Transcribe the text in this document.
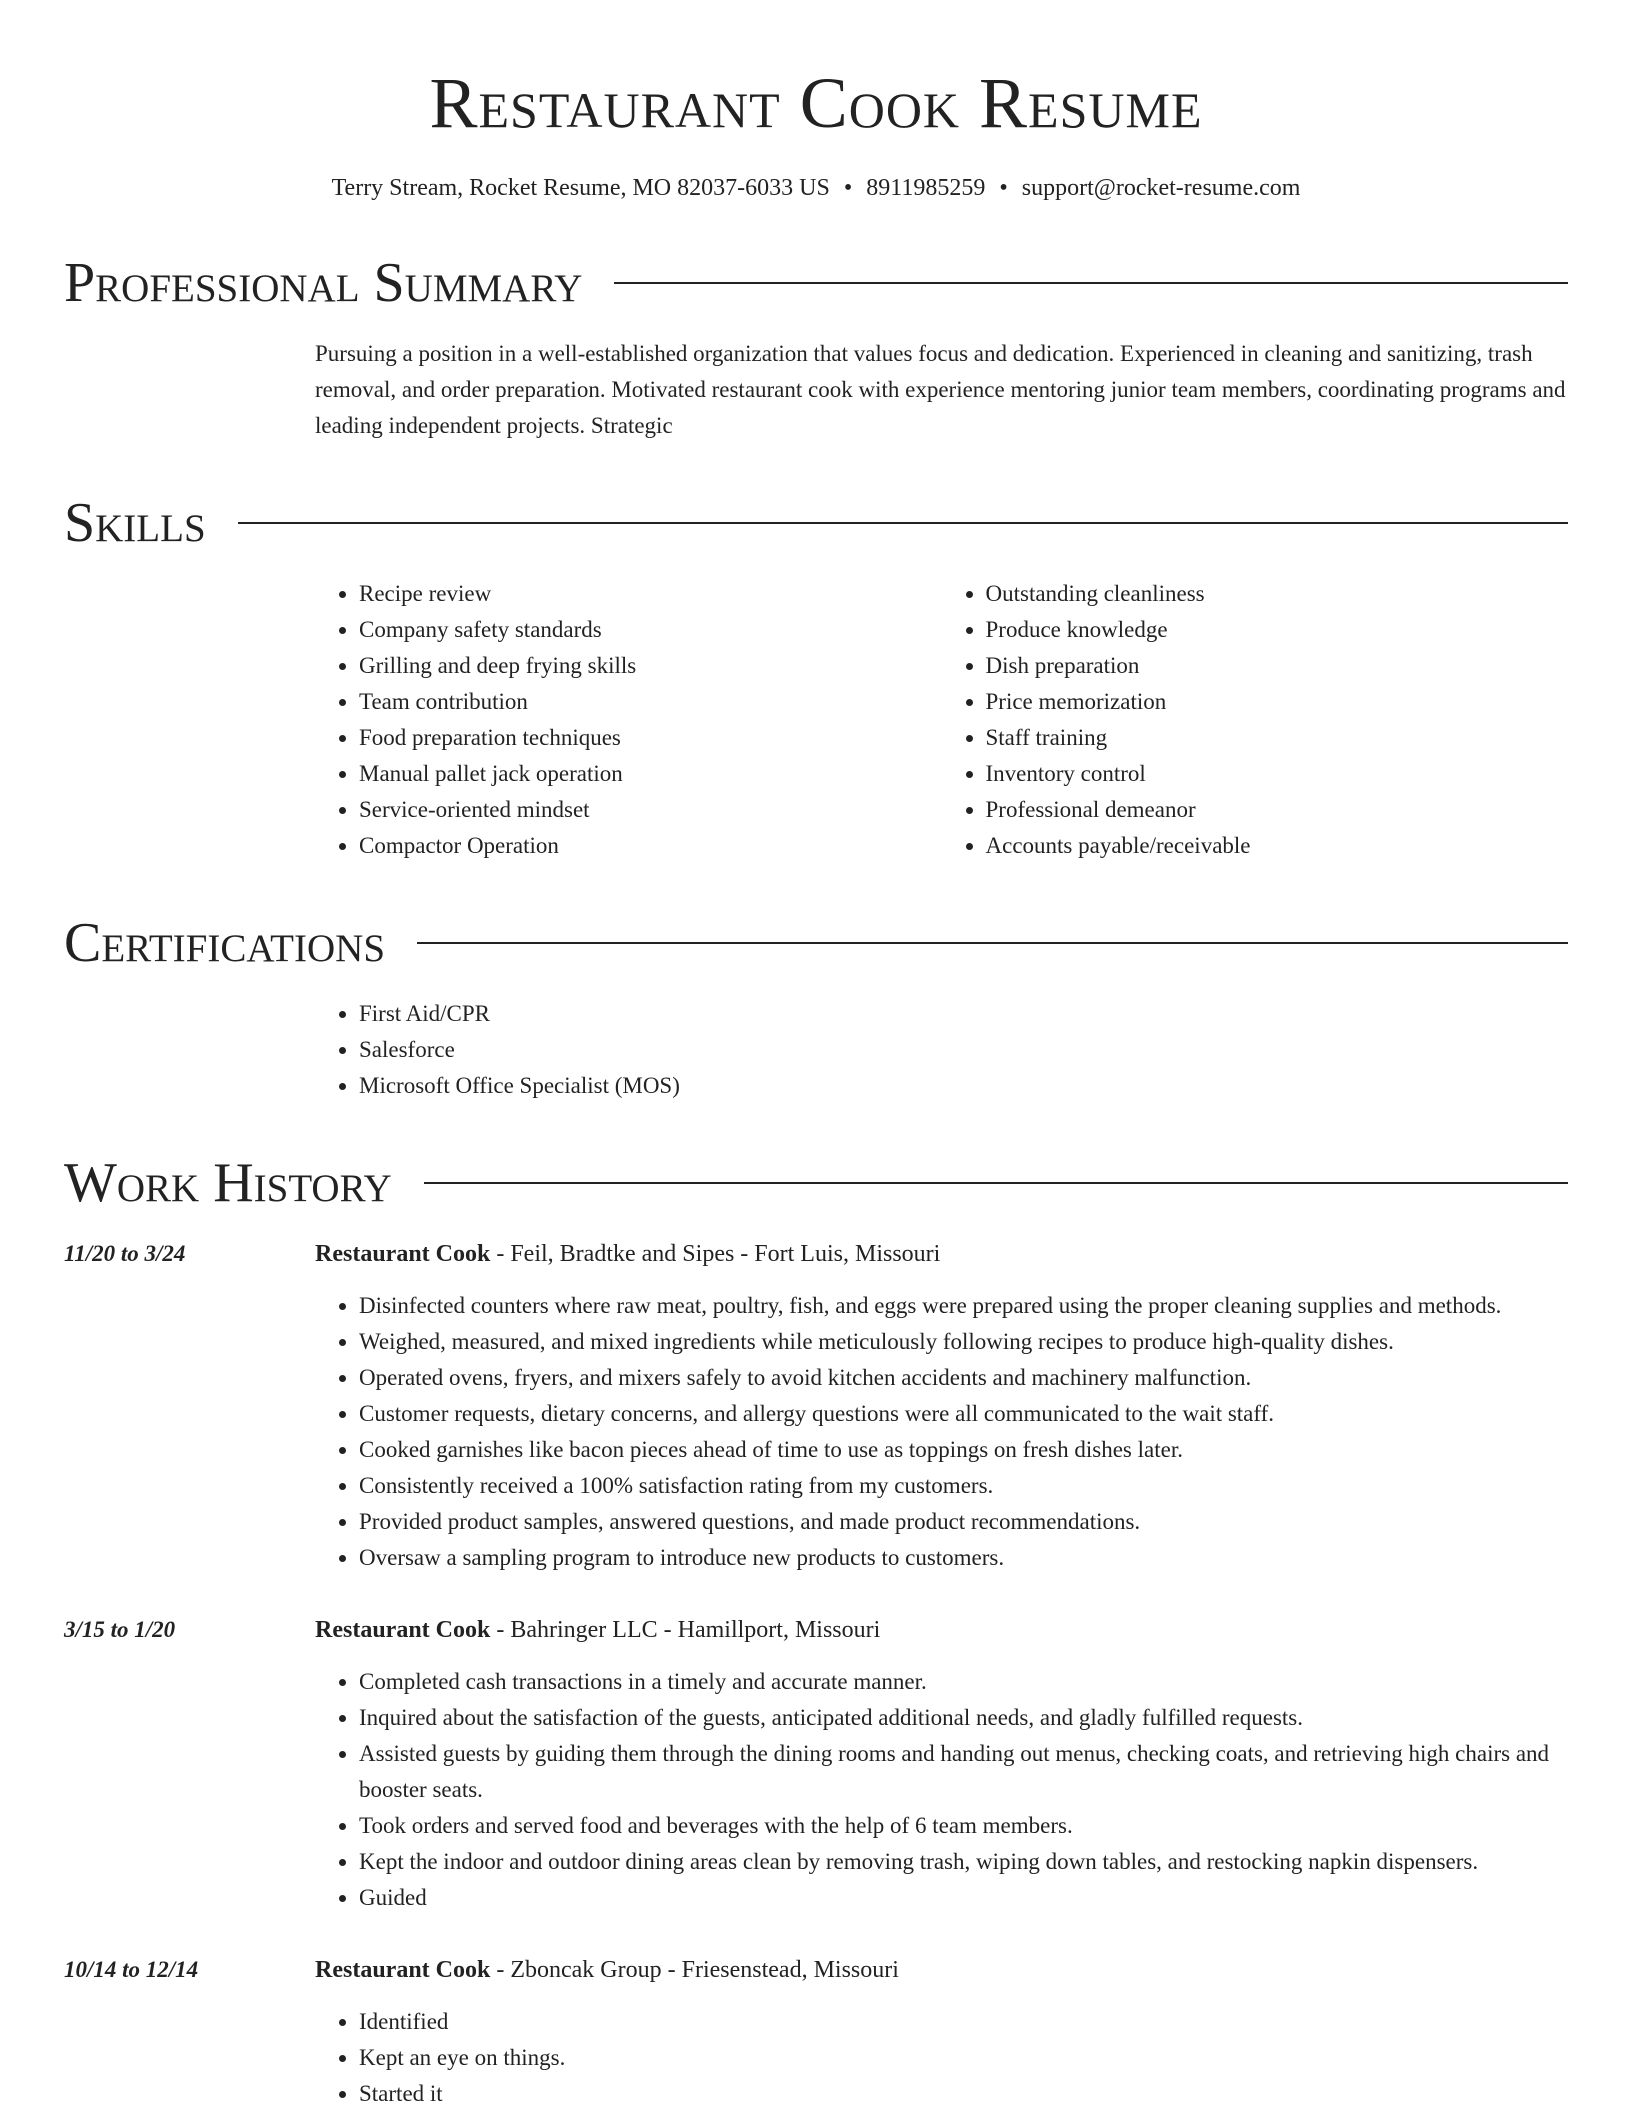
Restaurant Cook Resume
Terry Stream, Rocket Resume, MO 82037-6033 US • 8911985259 • support@rocket-resume.com
Professional Summary
Pursuing a position in a well-established organization that values focus and dedication. Experienced in cleaning and sanitizing, trash removal, and order preparation. Motivated restaurant cook with experience mentoring junior team members, coordinating programs and leading independent projects. Strategic
Skills
• Recipe review
• Company safety standards
• Grilling and deep frying skills
• Team contribution
• Food preparation techniques
• Manual pallet jack operation
• Service-oriented mindset
• Compactor Operation
• Outstanding cleanliness
• Produce knowledge
• Dish preparation
• Price memorization
• Staff training
• Inventory control
• Professional demeanor
• Accounts payable/receivable
Certifications
• First Aid/CPR
• Salesforce
• Microsoft Office Specialist (MOS)
Work History
11/20 to 3/24	Restaurant Cook - Feil, Bradtke and Sipes - Fort Luis, Missouri
• Disinfected counters where raw meat, poultry, fish, and eggs were prepared using the proper cleaning supplies and methods.
• Weighed, measured, and mixed ingredients while meticulously following recipes to produce high-quality dishes.
• Operated ovens, fryers, and mixers safely to avoid kitchen accidents and machinery malfunction.
• Customer requests, dietary concerns, and allergy questions were all communicated to the wait staff.
• Cooked garnishes like bacon pieces ahead of time to use as toppings on fresh dishes later.
• Consistently received a 100% satisfaction rating from my customers.
• Provided product samples, answered questions, and made product recommendations.
• Oversaw a sampling program to introduce new products to customers.
3/15 to 1/20	Restaurant Cook - Bahringer LLC - Hamillport, Missouri
• Completed cash transactions in a timely and accurate manner.
• Inquired about the satisfaction of the guests, anticipated additional needs, and gladly fulfilled requests.
• Assisted guests by guiding them through the dining rooms and handing out menus, checking coats, and retrieving high chairs and booster seats.
• Took orders and served food and beverages with the help of 6 team members.
• Kept the indoor and outdoor dining areas clean by removing trash, wiping down tables, and restocking napkin dispensers.
• Guided
10/14 to 12/14	Restaurant Cook - Zboncak Group - Friesenstead, Missouri
• Identified
• Kept an eye on things.
• Started it
